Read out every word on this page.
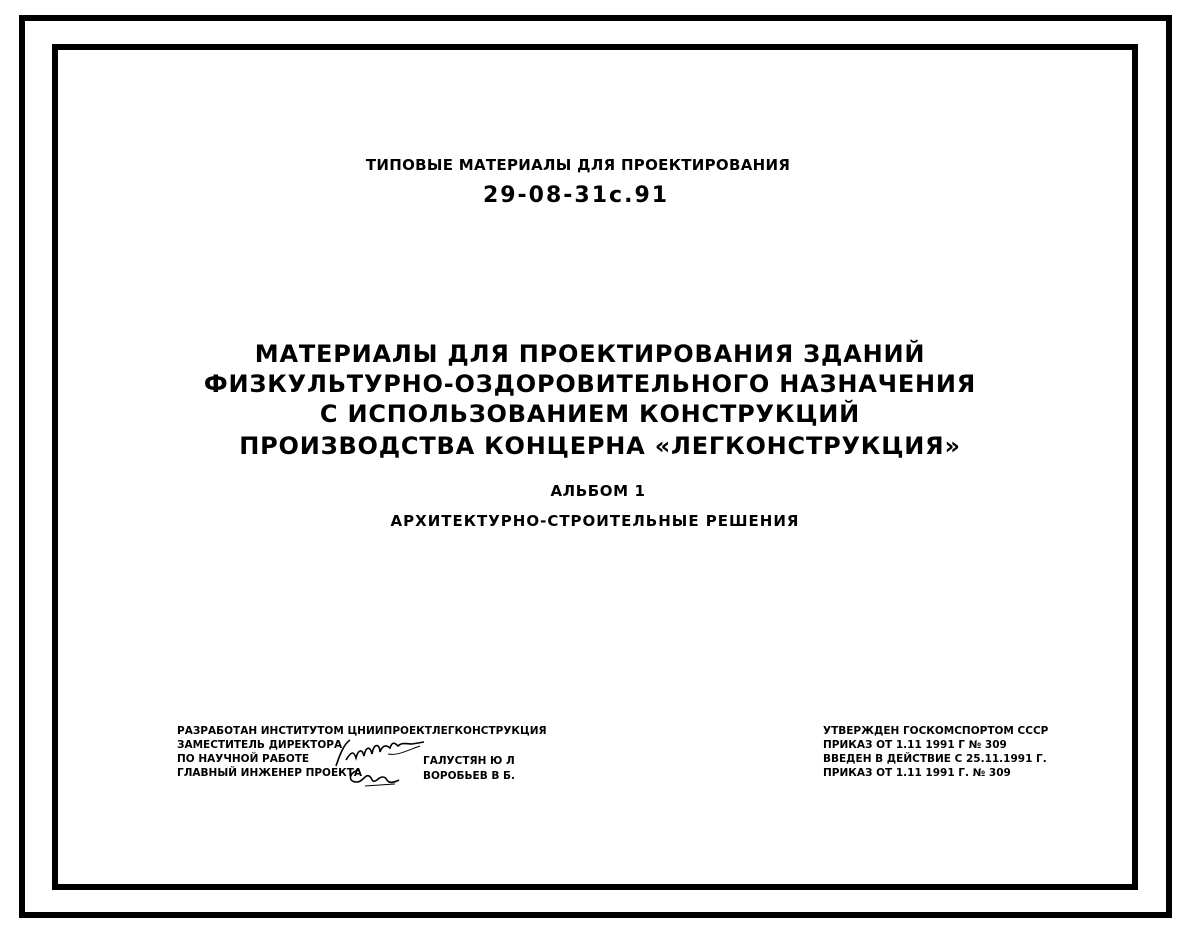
ТИПОВЫЕ МАТЕРИАЛЫ ДЛЯ ПРОЕКТИРОВАНИЯ
29-08-31с.91
МАТЕРИАЛЫ ДЛЯ ПРОЕКТИРОВАНИЯ ЗДАНИЙ
ФИЗКУЛЬТУРНО-ОЗДОРОВИТЕЛЬНОГО НАЗНАЧЕНИЯ
С ИСПОЛЬЗОВАНИЕМ КОНСТРУКЦИЙ
ПРОИЗВОДСТВА КОНЦЕРНА «ЛЕГКОНСТРУКЦИЯ»
АЛЬБОМ 1
АРХИТЕКТУРНО-СТРОИТЕЛЬНЫЕ РЕШЕНИЯ
РАЗРАБОТАН ИНСТИТУТОМ ЦНИИПРОЕКТЛЕГКОНСТРУКЦИЯ
ЗАМЕСТИТЕЛЬ ДИРЕКТОРА
ПО НАУЧНОЙ РАБОТЕ
ГЛАВНЫЙ ИНЖЕНЕР ПРОЕКТА
ГАЛУСТЯН Ю Л
ВОРОБЬЕВ В Б.
УТВЕРЖДЕН ГОСКОМСПОРТОМ СССР
ПРИКАЗ ОТ 1.11 1991 Г № 309
ВВЕДЕН В ДЕЙСТВИЕ С 25.11.1991 Г.
ПРИКАЗ ОТ 1.11 1991 Г. № 309
